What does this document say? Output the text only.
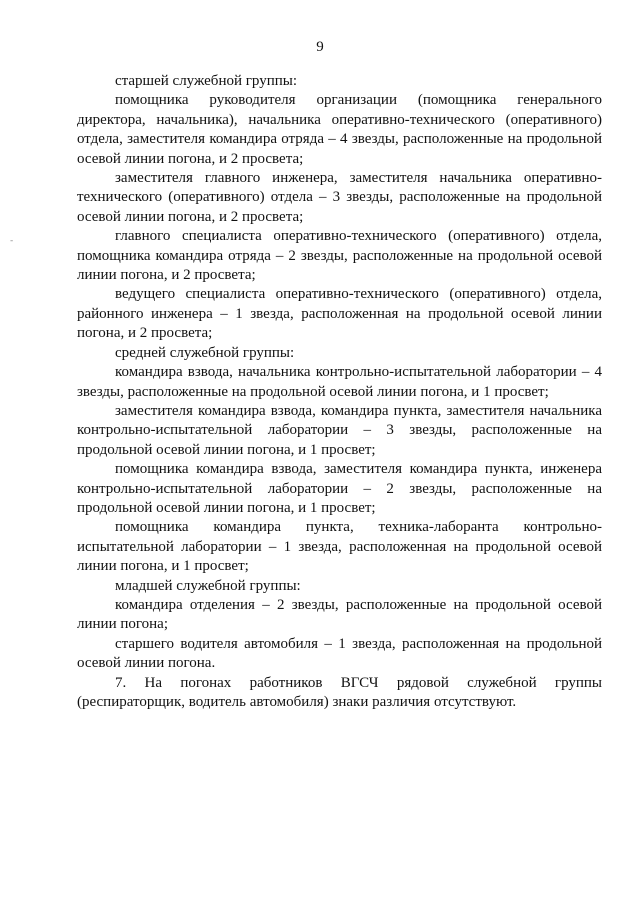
9
-

старшей служебной группы:

помощника руководителя организации (помощника генерального директора, начальника), начальника оперативно-технического (оперативного) отдела, заместителя командира отряда – 4 звезды, расположенные на продольной осевой линии погона, и 2 просвета;

заместителя главного инженера, заместителя начальника оперативно-технического (оперативного) отдела – 3 звезды, расположенные на продольной осевой линии погона, и 2 просвета;

главного специалиста оперативно-технического (оперативного) отдела, помощника командира отряда – 2 звезды, расположенные на продольной осевой линии погона, и 2 просвета;

ведущего специалиста оперативно-технического (оперативного) отдела, районного инженера – 1 звезда, расположенная на продольной осевой линии погона, и 2 просвета;

средней служебной группы:

командира взвода, начальника контрольно-испытательной лаборатории – 4 звезды, расположенные на продольной осевой линии погона, и 1 просвет;

заместителя командира взвода, командира пункта, заместителя начальника контрольно-испытательной лаборатории – 3 звезды, расположенные на продольной осевой линии погона, и 1 просвет;

помощника командира взвода, заместителя командира пункта, инженера контрольно-испытательной лаборатории – 2 звезды, расположенные на продольной осевой линии погона, и 1 просвет;

помощника командира пункта, техника-лаборанта контрольно-испытательной лаборатории – 1 звезда, расположенная на продольной осевой линии погона, и 1 просвет;

младшей служебной группы:

командира отделения – 2 звезды, расположенные на продольной осевой линии погона;

старшего водителя автомобиля – 1 звезда, расположенная на продольной осевой линии погона.

7. На погонах работников ВГСЧ рядовой служебной группы (респираторщик, водитель автомобиля) знаки различия отсутствуют.
